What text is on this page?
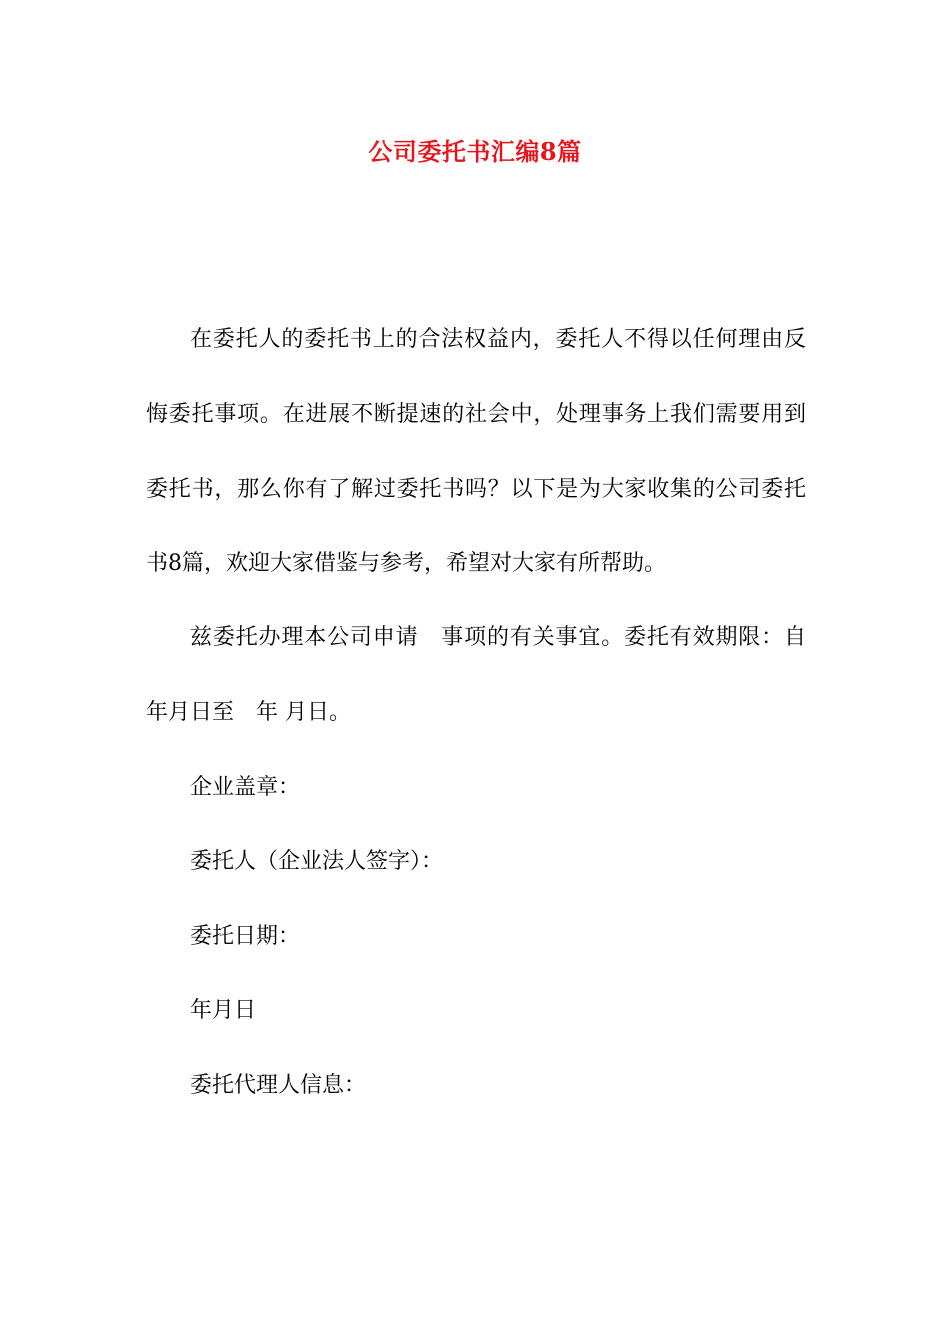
公司委托书汇编8篇
在委托人的委托书上的合法权益内，委托人不得以任何理由反
悔委托事项。在进展不断提速的社会中，处理事务上我们需要用到
委托书，那么你有了解过委托书吗？以下是为大家收集的公司委托
书8篇，欢迎大家借鉴与参考，希望对大家有所帮助。
兹委托办理本公司申请　事项的有关事宜。委托有效期限：自
年月日至　年 月日。
企业盖章：
委托人（企业法人签字）：
委托日期：
年月日
委托代理人信息：
